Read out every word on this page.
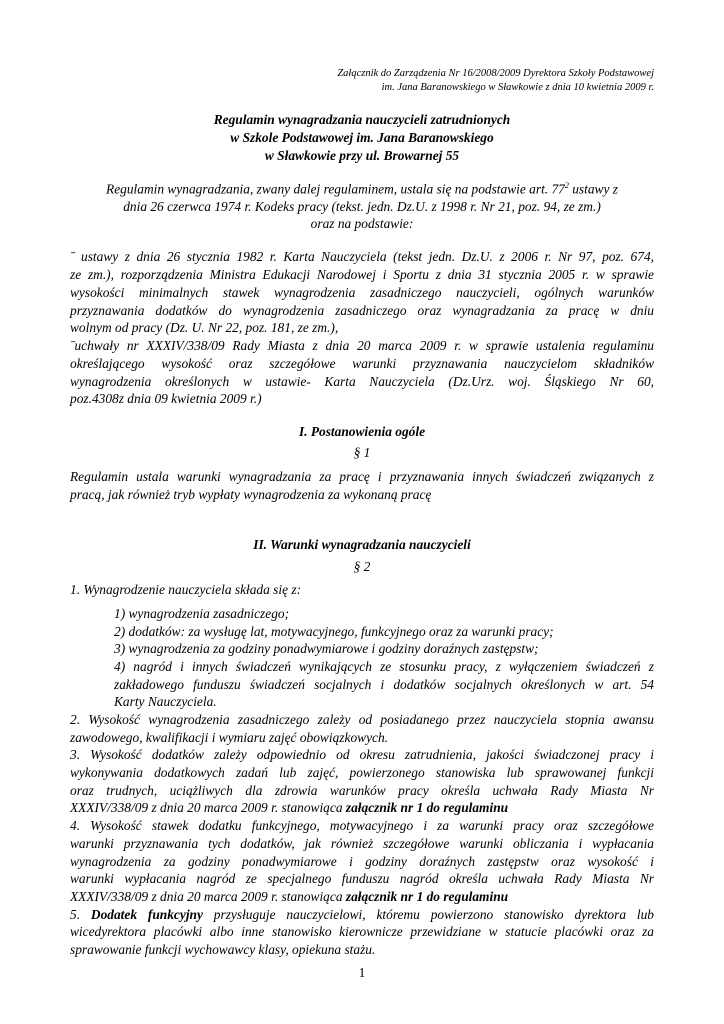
Załącznik do Zarządzenia Nr 16/2008/2009 Dyrektora Szkoły Podstawowej
im. Jana Baranowskiego w Sławkowie z dnia 10 kwietnia 2009 r.
Regulamin wynagradzania nauczycieli zatrudnionych
w Szkole Podstawowej im. Jana Baranowskiego
w Sławkowie przy ul. Browarnej 55
Regulamin wynagradzania, zwany dalej regulaminem, ustala się na podstawie art. $77^2$ ustawy z
dnia 26 czerwca 1974 r. Kodeks pracy (tekst. jedn. Dz.U. z 1998 r. Nr 21, poz. 94, ze zm.)
oraz na podstawie:
ˉ ustawy z dnia 26 stycznia 1982 r. Karta Nauczyciela (tekst jedn. Dz.U. z 2006 r. Nr 97, poz. 674,
ze zm.), rozporządzenia Ministra Edukacji Narodowej i Sportu z dnia 31 stycznia 2005 r. w sprawie
wysokości minimalnych stawek wynagrodzenia zasadniczego nauczycieli, ogólnych warunków
przyznawania dodatków do wynagrodzenia zasadniczego oraz wynagradzania za pracę w dniu
wolnym od pracy (Dz. U. Nr 22, poz. 181, ze zm.),
ˉuchwały nr XXXIV/338/09 Rady Miasta z dnia 20 marca 2009 r. w sprawie ustalenia regulaminu
określającego wysokość oraz szczegółowe warunki przyznawania nauczycielom składników
wynagrodzenia określonych w ustawie- Karta Nauczyciela (Dz.Urz. woj. Śląskiego Nr 60,
poz.4308z dnia 09 kwietnia 2009 r.)
I. Postanowienia ogóle
§ 1
Regulamin ustala warunki wynagradzania za pracę i przyznawania innych świadczeń związanych z
pracą, jak również tryb wypłaty wynagrodzenia za wykonaną pracę
II. Warunki wynagradzania nauczycieli
§ 2
1. Wynagrodzenie nauczyciela składa się z:
1) wynagrodzenia zasadniczego;
2) dodatków: za wysługę lat, motywacyjnego, funkcyjnego oraz za warunki pracy;
3) wynagrodzenia za godziny ponadwymiarowe i godziny doraźnych zastępstw;
4) nagród i innych świadczeń wynikających ze stosunku pracy, z wyłączeniem świadczeń z
zakładowego funduszu świadczeń socjalnych i dodatków socjalnych określonych w art. 54
Karty Nauczyciela.
2. Wysokość wynagrodzenia zasadniczego zależy od posiadanego przez nauczyciela stopnia awansu
zawodowego, kwalifikacji i wymiaru zajęć obowiązkowych.
3. Wysokość dodatków zależy odpowiednio od okresu zatrudnienia, jakości świadczonej pracy i
wykonywania dodatkowych zadań lub zajęć, powierzonego stanowiska lub sprawowanej funkcji
oraz trudnych, uciążliwych dla zdrowia warunków pracy określa uchwała Rady Miasta Nr
XXXIV/338/09 z dnia 20 marca 2009 r. stanowiąca załącznik nr 1 do regulaminu
4. Wysokość stawek dodatku funkcyjnego, motywacyjnego i za warunki pracy oraz szczegółowe
warunki przyznawania tych dodatków, jak również szczegółowe warunki obliczania i wypłacania
wynagrodzenia za godziny ponadwymiarowe i godziny doraźnych zastępstw oraz wysokość i
warunki wypłacania nagród ze specjalnego funduszu nagród określa uchwała Rady Miasta Nr
XXXIV/338/09 z dnia 20 marca 2009 r. stanowiąca załącznik nr 1 do regulaminu
5. Dodatek funkcyjny przysługuje nauczycielowi, któremu powierzono stanowisko dyrektora lub
wicedyrektora placówki albo inne stanowisko kierownicze przewidziane w statucie placówki oraz za
sprawowanie funkcji wychowawcy klasy, opiekuna stażu.
1
